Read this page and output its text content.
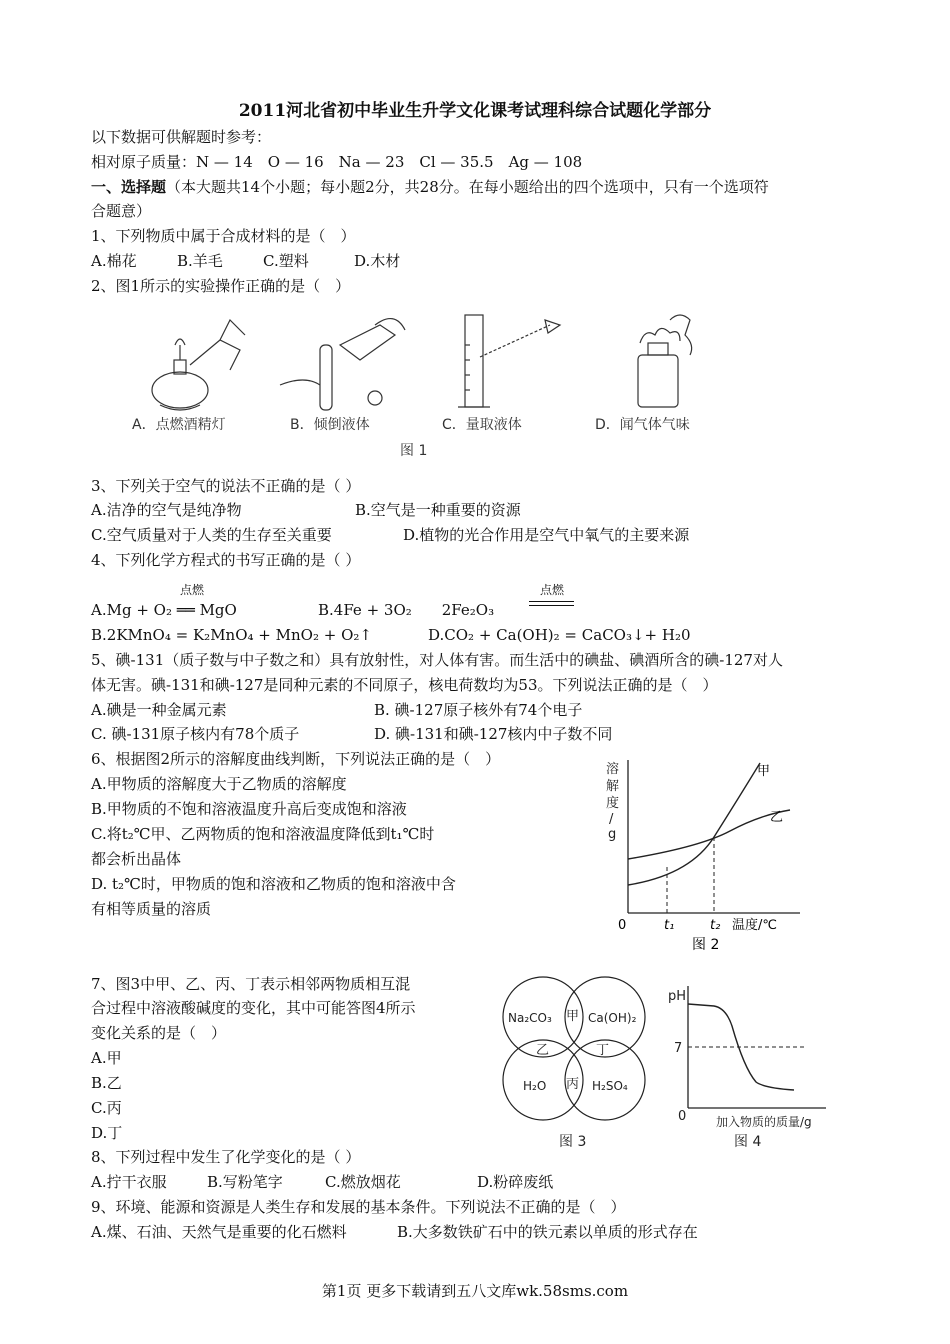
2011河北省初中毕业生升学文化课考试理科综合试题化学部分
以下数据可供解题时参考：
相对原子质量：N — 14　O — 16　Na — 23　Cl — 35.5　Ag — 108
一、选择题（本大题共14个小题；每小题2分，共28分。在每小题给出的四个选项中，只有一个选项符
合题意）
1、下列物质中属于合成材料的是（　）
A.棉花	B.羊毛	C.塑料	D.木材
2、图1所示的实验操作正确的是（　）
A．点燃酒精灯	B．倾倒液体	C．量取液体	D．闻气体气味
图 1
3、下列关于空气的说法不正确的是（ ）
A.洁净的空气是纯净物	B.空气是一种重要的资源
C.空气质量对于人类的生存至关重要	D.植物的光合作用是空气中氧气的主要来源
4、下列化学方程式的书写正确的是（ ）
点燃	点燃
A.Mg + O₂ ══ MgO	B.4Fe + 3O₂　　2Fe₂O₃
B.2KMnO₄ = K₂MnO₄ + MnO₂ + O₂↑	D.CO₂ + Ca(OH)₂ = CaCO₃↓+ H₂0
5、碘-131（质子数与中子数之和）具有放射性，对人体有害。而生活中的碘盐、碘酒所含的碘-127对人
体无害。碘-131和碘-127是同种元素的不同原子，核电荷数均为53。下列说法正确的是（　）
A.碘是一种金属元素	B. 碘-127原子核外有74个电子
C. 碘-131原子核内有78个质子	D. 碘-131和碘-127核内中子数不同
6、根据图2所示的溶解度曲线判断，下列说法正确的是（　）
A.甲物质的溶解度大于乙物质的溶解度
B.甲物质的不饱和溶液温度升高后变成饱和溶液
C.将t₂℃甲、乙两物质的饱和溶液温度降低到t₁℃时
都会析出晶体
D. t₂℃时，甲物质的饱和溶液和乙物质的饱和溶液中含
有相等质量的溶质
溶
解
度
/
g
甲
乙
0	t₁	t₂ 温度/℃
图 2
7、图3中甲、乙、丙、丁表示相邻两物质相互混
合过程中溶液酸碱度的变化，其中可能答图4所示
变化关系的是（　）
A.甲
B.乙
C.丙
D.丁
Na₂CO₃	Ca(OH)₂
H₂O	H₂SO₄
甲
乙
丙
丁
图 3
pH
7
0 加入物质的质量/g
图 4
8、下列过程中发生了化学变化的是（ ）
A.拧干衣服	B.写粉笔字	C.燃放烟花	D.粉碎废纸
9、环境、能源和资源是人类生存和发展的基本条件。下列说法不正确的是（　）
A.煤、石油、天然气是重要的化石燃料	B.大多数铁矿石中的铁元素以单质的形式存在
第1页 更多下载请到五八文库wk.58sms.com
